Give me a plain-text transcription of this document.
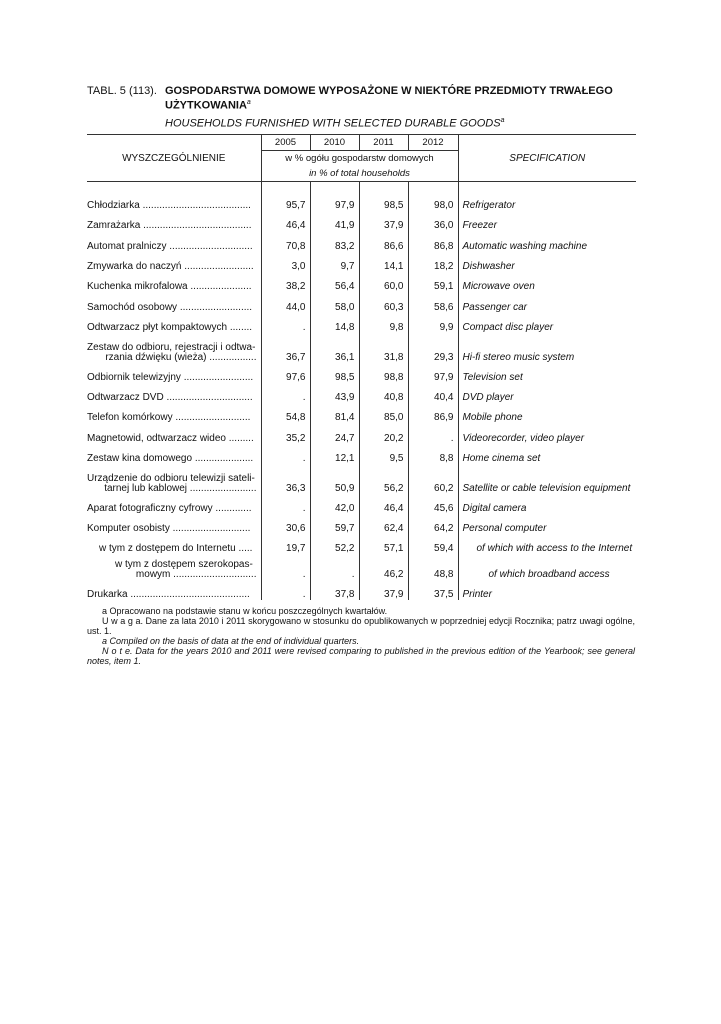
TABL. 5 (113). GOSPODARSTWA DOMOWE WYPOSAŻONE W NIEKTÓRE PRZEDMIOTY TRWAŁEGO
UŻYTKOWANIA$^a$
HOUSEHOLDS FURNISHED WITH SELECTED DURABLE GOODS$^a$
WYSZCZEGÓLNIENIE	2005	2010	2011	2012	SPECIFICATION
	w % ogółu gospodarstw domowych				
	in % of total households				

Chłodziarka .......................................	95,7	97,9	98,5	98,0	Refrigerator
Zamrażarka .......................................	46,4	41,9	37,9	36,0	Freezer
Automat pralniczy ..............................	70,8	83,2	86,6	86,8	Automatic washing machine
Zmywarka do naczyń .........................	3,0	9,7	14,1	18,2	Dishwasher
Kuchenka mikrofalowa ......................	38,2	56,4	60,0	59,1	Microwave oven
Samochód osobowy ..........................	44,0	58,0	60,3	58,6	Passenger car
Odtwarzacz płyt kompaktowych ........	.	14,8	9,8	9,9	Compact disc player
Zestaw do odbioru, rejestracji i odtwa-
rzania dźwięku (wieża) .................	36,7	36,1	31,8	29,3	Hi-fi stereo music system
Odbiornik telewizyjny .........................	97,6	98,5	98,8	97,9	Television set
Odtwarzacz DVD ...............................	.	43,9	40,8	40,4	DVD player
Telefon komórkowy ...........................	54,8	81,4	85,0	86,9	Mobile phone
Magnetowid, odtwarzacz wideo .........	35,2	24,7	20,2	.	Videorecorder, video player
Zestaw kina domowego .....................	.	12,1	9,5	8,8	Home cinema set
Urządzenie do odbioru telewizji sateli-
tarnej lub kablowej ........................	36,3	50,9	56,2	60,2	Satellite or cable television equipment
Aparat fotograficzny cyfrowy .............	.	42,0	46,4	45,6	Digital camera
Komputer osobisty ............................	30,6	59,7	62,4	64,2	Personal computer
w tym z dostępem do Internetu .....	19,7	52,2	57,1	59,4	of which with access to the Internet
w tym z dostępem szerokopas-
mowym ..............................	.	.	46,2	48,8	of which broadband access
Drukarka ...........................................	.	37,8	37,9	37,5	Printer

a Opracowano na podstawie stanu w końcu poszczególnych kwartałów.

U w a g a. Dane za lata 2010 i 2011 skorygowano w stosunku do opublikowanych w poprzedniej edycji Rocznika; patrz uwagi ogólne, ust. 1.

a Compiled on the basis of data at the end of individual quarters.

N o t e. Data for the years 2010 and 2011 were revised comparing to published in the previous edition of the Yearbook; see general notes, item 1.
